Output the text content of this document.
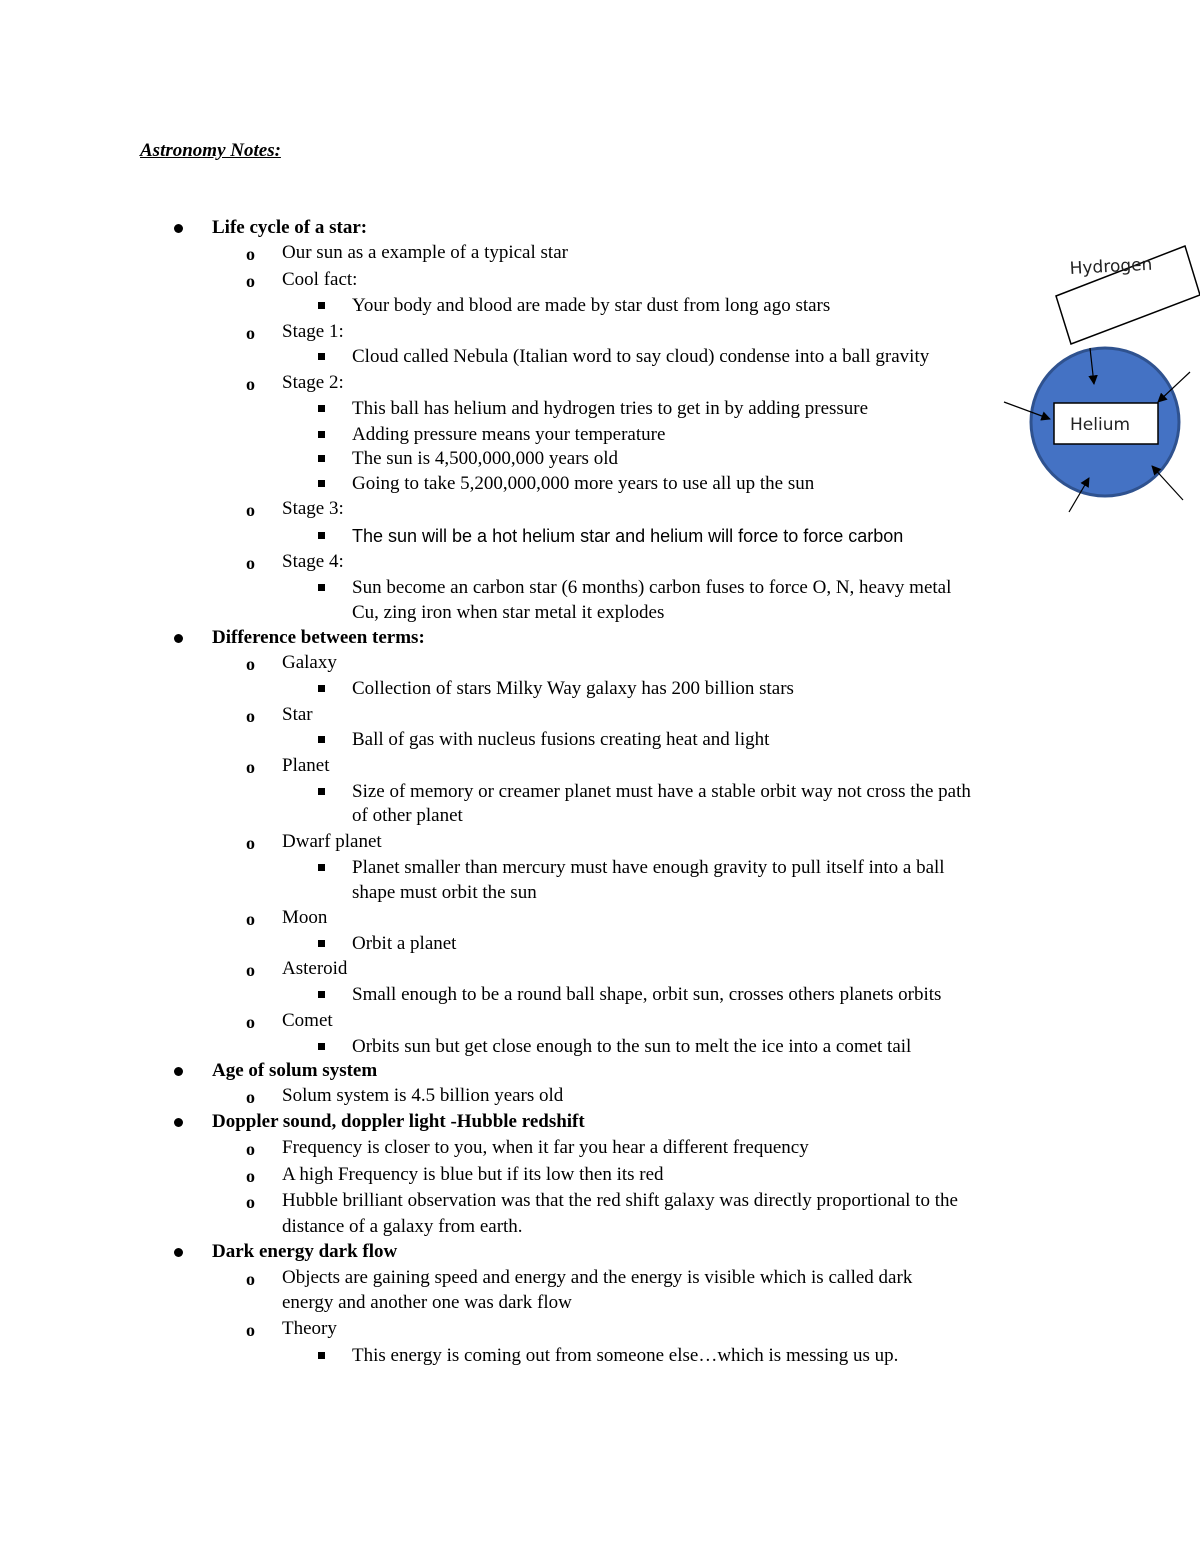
Astronomy Notes:
Life cycle of a star:
o Our sun as a example of a typical star
o Cool fact:
Your body and blood are made by star dust from long ago stars
o Stage 1:
Cloud called Nebula (Italian word to say cloud) condense into a ball gravity
o Stage 2:
This ball has helium and hydrogen tries to get in by adding pressure
Adding pressure means your temperature
The sun is 4,500,000,000 years old
Going to take 5,200,000,000 more years to use all up the sun
o Stage 3:
The sun will be a hot helium star and helium will force to force carbon
o Stage 4:
Sun become an carbon star (6 months) carbon fuses to force O, N, heavy metal
Cu, zing iron when star metal it explodes
Difference between terms:
o Galaxy
Collection of stars Milky Way galaxy has 200 billion stars
o Star
Ball of gas with nucleus fusions creating heat and light
o Planet
Size of memory or creamer planet must have a stable orbit way not cross the path
of other planet
o Dwarf planet
Planet smaller than mercury must have enough gravity to pull itself into a ball
shape must orbit the sun
o Moon
Orbit a planet
o Asteroid
Small enough to be a round ball shape, orbit sun, crosses others planets orbits
o Comet
Orbits sun but get close enough to the sun to melt the ice into a comet tail
Age of solum system
o Solum system is 4.5 billion years old
Doppler sound, doppler light -Hubble redshift
o Frequency is closer to you, when it far you hear a different frequency
o A high Frequency is blue but if its low then its red
o Hubble brilliant observation was that the red shift galaxy was directly proportional to the
distance of a galaxy from earth.
Dark energy dark flow
o Objects are gaining speed and energy and the energy is visible which is called dark
energy and another one was dark flow
o Theory
This energy is coming out from someone else…which is messing us up.
Hydrogen
Helium
